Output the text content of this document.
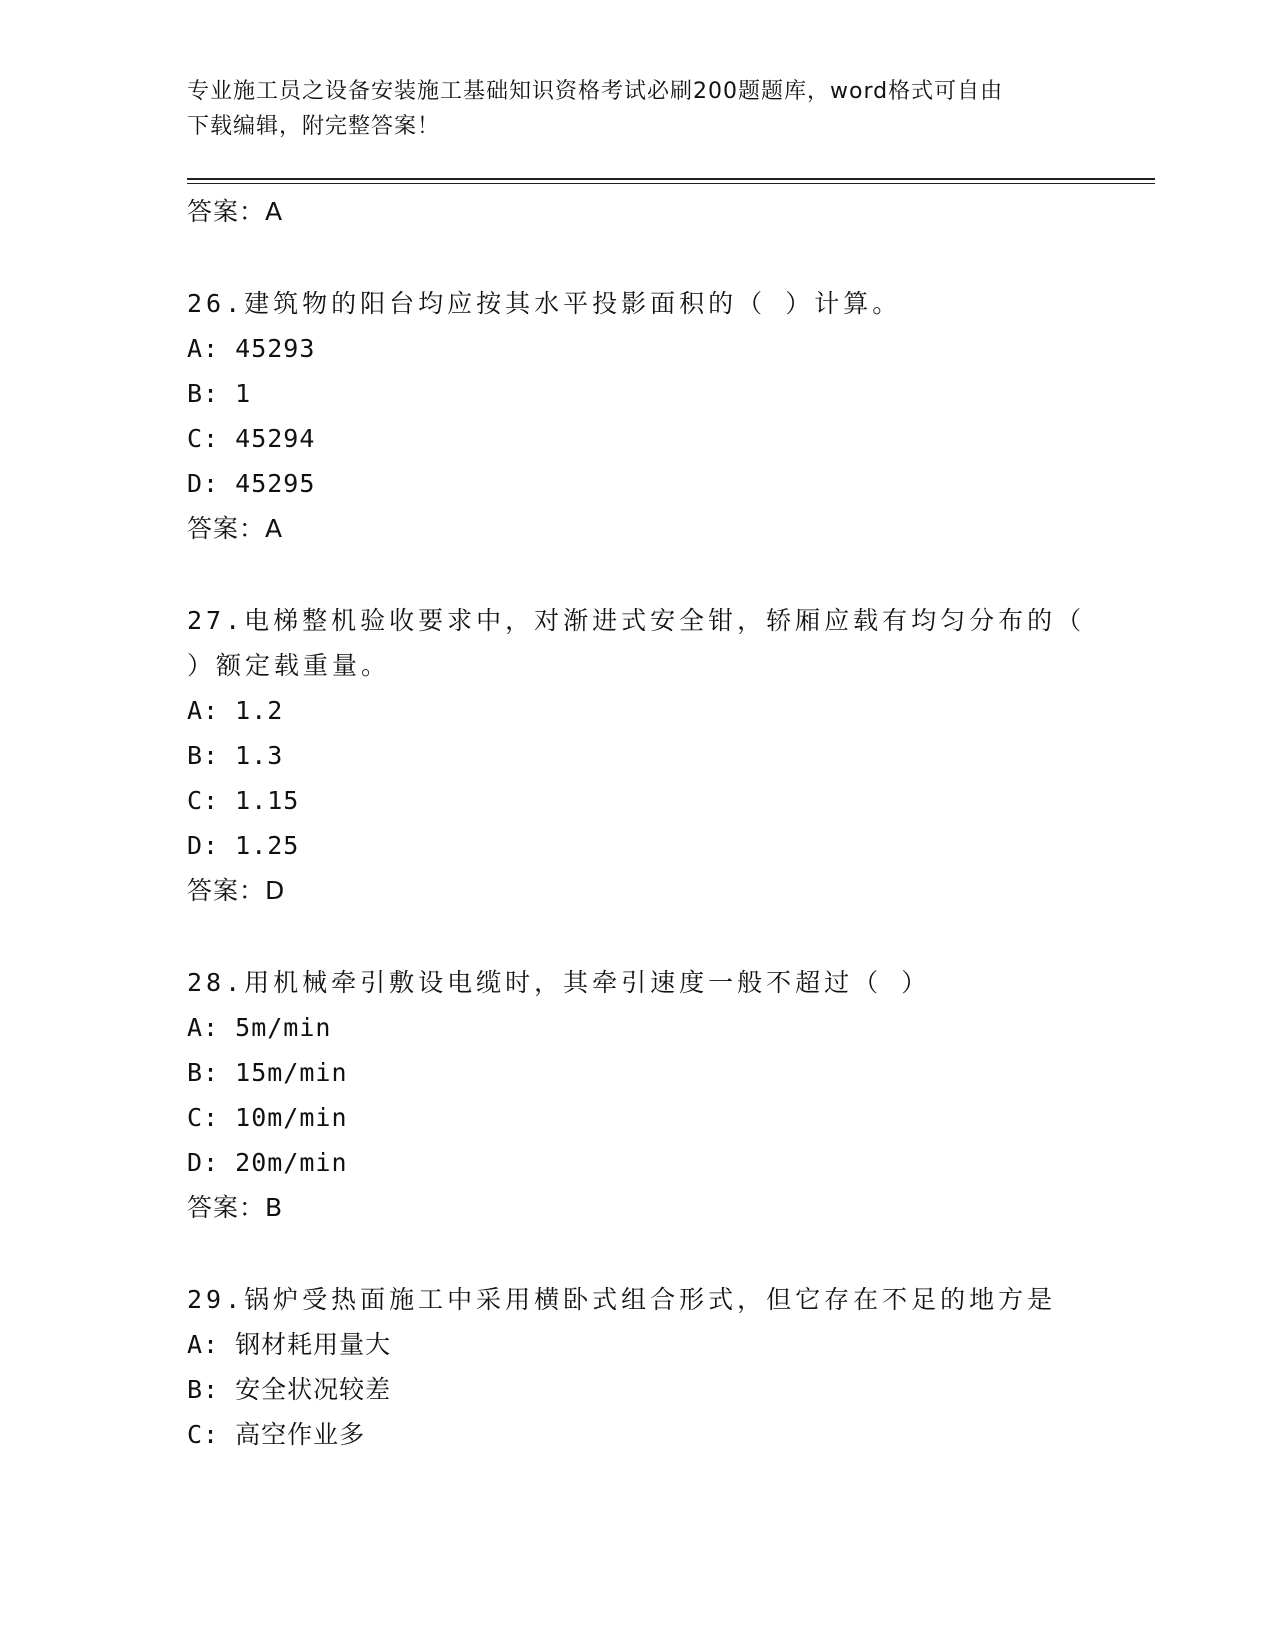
专业施工员之设备安装施工基础知识资格考试必刷200题题库，word格式可自由
下载编辑，附完整答案！
答案：A
26.建筑物的阳台均应按其水平投影面积的（ ）计算。
A: 45293
B: 1
C: 45294
D: 45295
答案：A
27.电梯整机验收要求中，对渐进式安全钳，轿厢应载有均匀分布的（
）额定载重量。
A: 1.2
B: 1.3
C: 1.15
D: 1.25
答案：D
28.用机械牵引敷设电缆时，其牵引速度一般不超过（ ）
A: 5m/min
B: 15m/min
C: 10m/min
D: 20m/min
答案：B
29.锅炉受热面施工中采用横卧式组合形式，但它存在不足的地方是
A: 钢材耗用量大
B: 安全状况较差
C: 高空作业多
